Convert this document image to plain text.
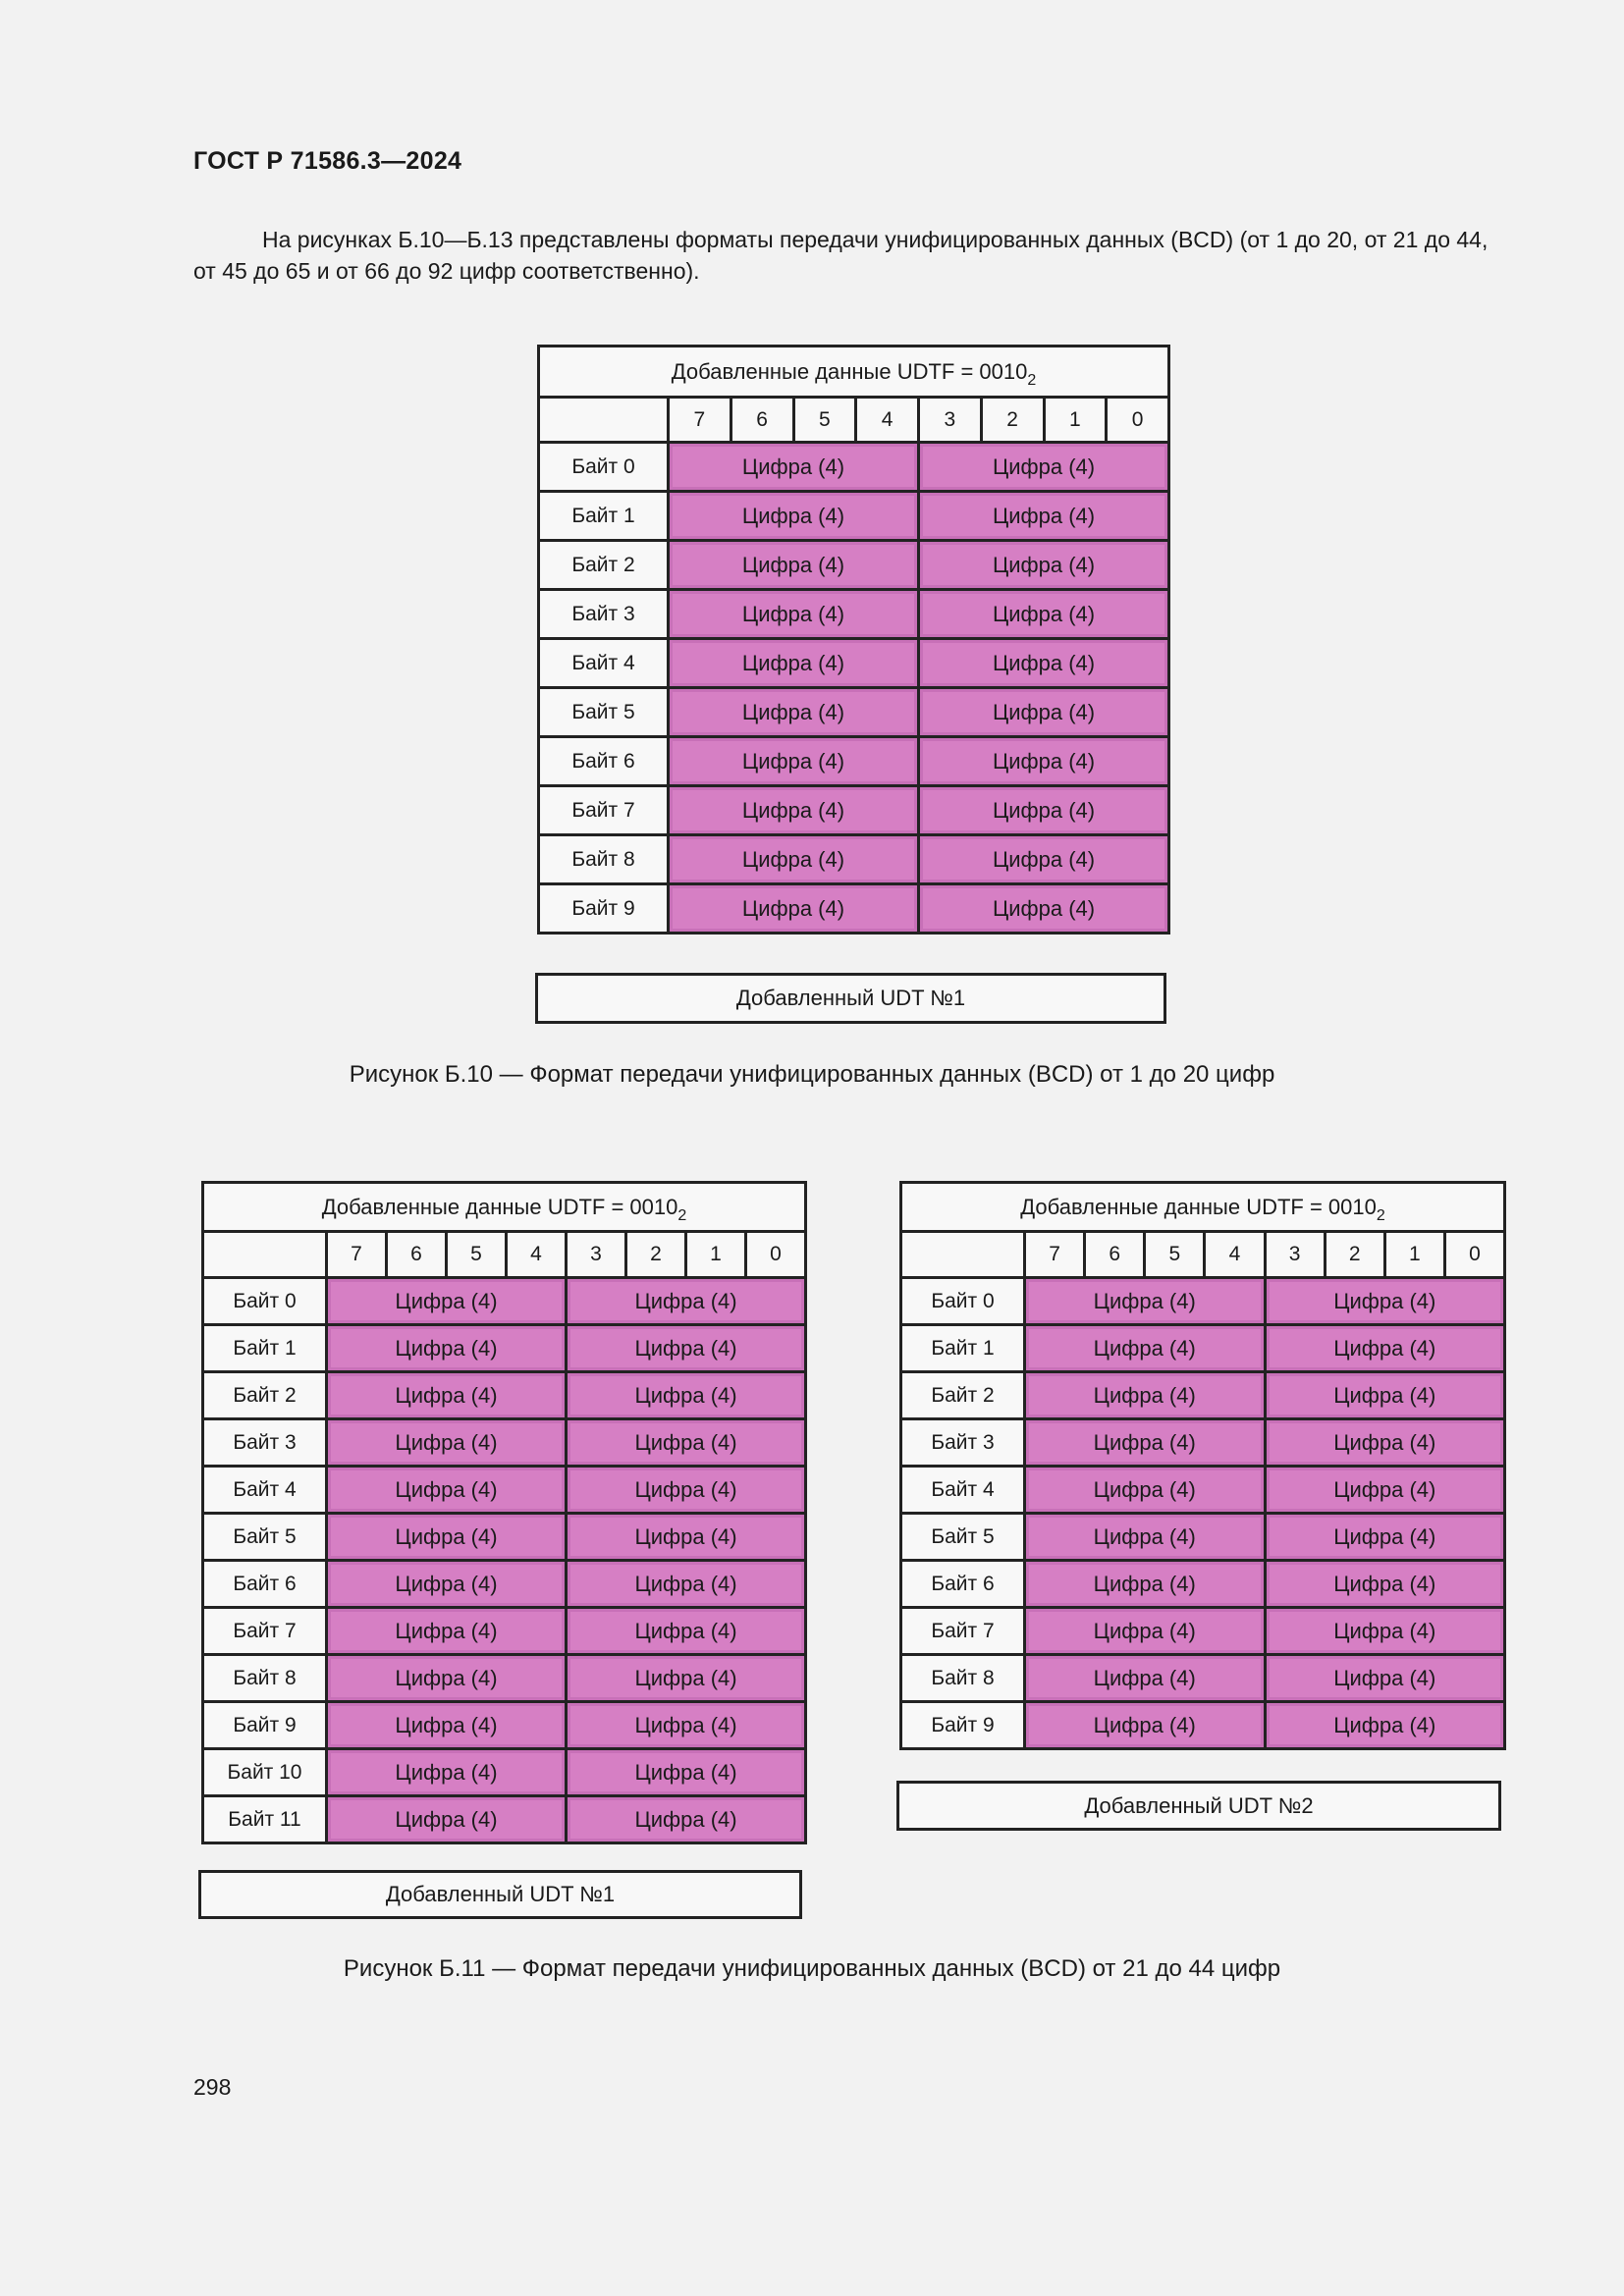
ГОСТ Р 71586.3—2024
На рисунках Б.10—Б.13 представлены форматы передачи унифицированных данных (BCD) (от 1 до 20, от 21 до 44, от 45 до 65 и от 66 до 92 цифр соответственно).
Добавленные данные UDTF = $0010_2$
	7	6	5	4	3	2	1	0
Байт 0	Цифра (4)				Цифра (4)			
Байт 1	Цифра (4)				Цифра (4)			
Байт 2	Цифра (4)				Цифра (4)			
Байт 3	Цифра (4)				Цифра (4)			
Байт 4	Цифра (4)				Цифра (4)			
Байт 5	Цифра (4)				Цифра (4)			
Байт 6	Цифра (4)				Цифра (4)			
Байт 7	Цифра (4)				Цифра (4)			
Байт 8	Цифра (4)				Цифра (4)			
Байт 9	Цифра (4)				Цифра (4)			
Добавленный UDT №1
Рисунок Б.10 — Формат передачи унифицированных данных (BCD) от 1 до 20 цифр
Добавленные данные UDTF = $0010_2$
	7	6	5	4	3	2	1	0
Байт 0	Цифра (4)				Цифра (4)			
Байт 1	Цифра (4)				Цифра (4)			
Байт 2	Цифра (4)				Цифра (4)			
Байт 3	Цифра (4)				Цифра (4)			
Байт 4	Цифра (4)				Цифра (4)			
Байт 5	Цифра (4)				Цифра (4)			
Байт 6	Цифра (4)				Цифра (4)			
Байт 7	Цифра (4)				Цифра (4)			
Байт 8	Цифра (4)				Цифра (4)			
Байт 9	Цифра (4)				Цифра (4)			
Байт 10	Цифра (4)				Цифра (4)			
Байт 11	Цифра (4)				Цифра (4)			
Добавленный UDT №1
Добавленные данные UDTF = $0010_2$
	7	6	5	4	3	2	1	0
Байт 0	Цифра (4)				Цифра (4)			
Байт 1	Цифра (4)				Цифра (4)			
Байт 2	Цифра (4)				Цифра (4)			
Байт 3	Цифра (4)				Цифра (4)			
Байт 4	Цифра (4)				Цифра (4)			
Байт 5	Цифра (4)				Цифра (4)			
Байт 6	Цифра (4)				Цифра (4)			
Байт 7	Цифра (4)				Цифра (4)			
Байт 8	Цифра (4)				Цифра (4)			
Байт 9	Цифра (4)				Цифра (4)			
Добавленный UDT №2
Рисунок Б.11 — Формат передачи унифицированных данных (BCD) от 21 до 44 цифр
298
